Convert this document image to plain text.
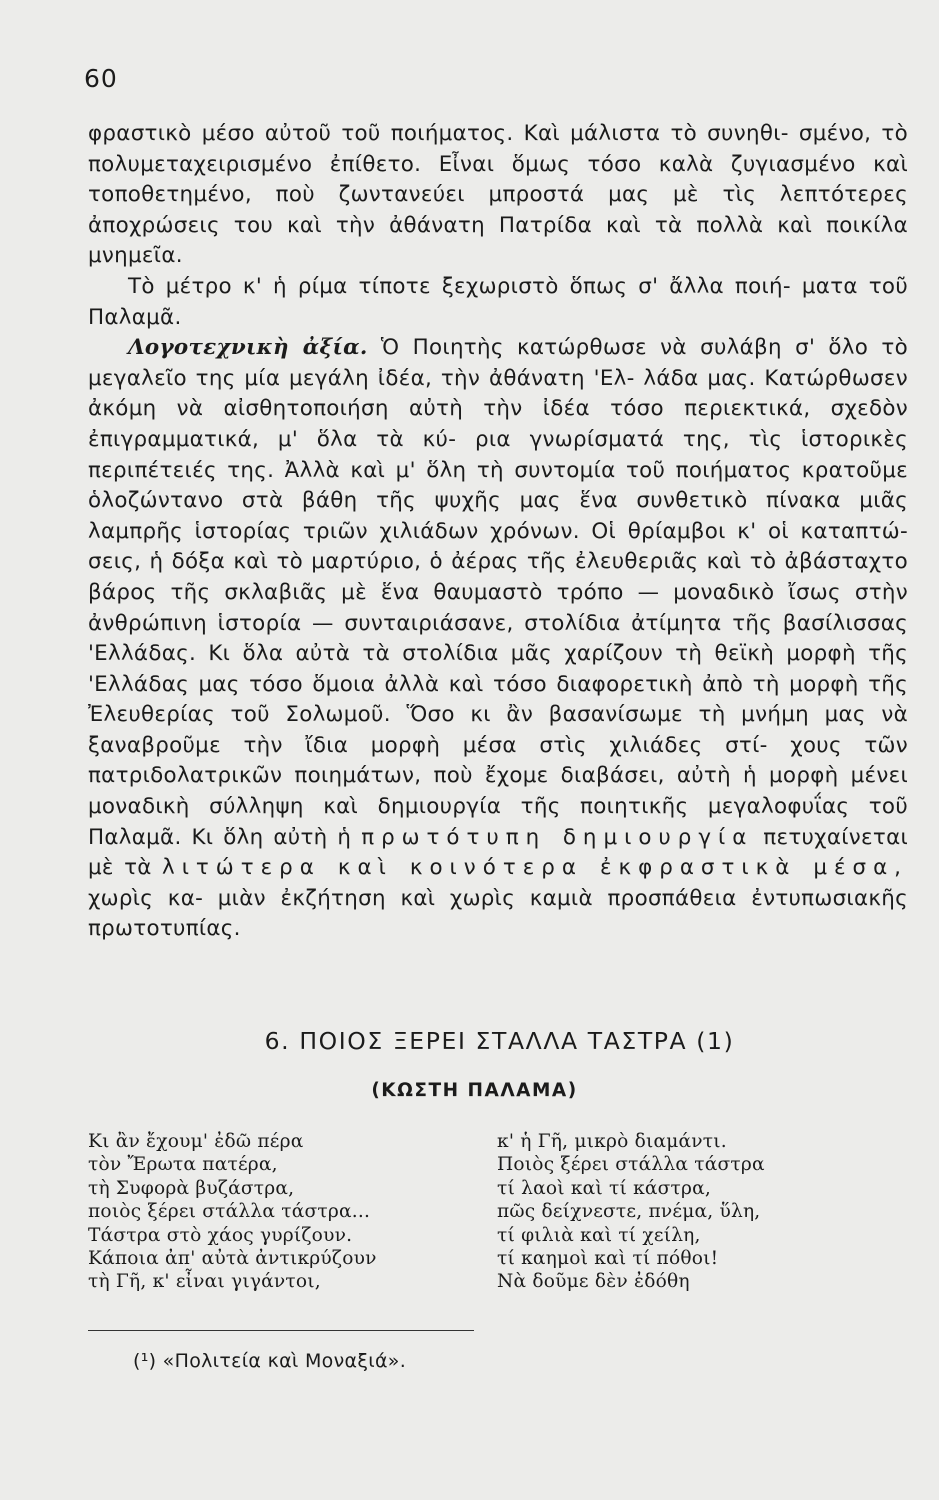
60

φραστικὸ μέσο αὐτοῦ τοῦ ποιήματος. Καὶ μάλιστα τὸ συνηθι- σμένο, τὸ πολυμεταχειρισμένο ἐπίθετο. Εἶναι ὅμως τόσο καλὰ ζυγιασμένο καὶ τοποθετημένο, ποὺ ζωντανεύει μπροστά μας μὲ τὶς λεπτότερες ἀποχρώσεις του καὶ τὴν ἀθάνατη Πατρίδα καὶ τὰ πολλὰ καὶ ποικίλα μνημεῖα.

Τὸ μέτρο κ' ἡ ρίμα τίποτε ξεχωριστὸ ὅπως σ' ἄλλα ποιή- ματα τοῦ Παλαμᾶ.

Λογοτεχνικὴ ἀξία. Ὁ Ποιητὴς κατώρθωσε νὰ συλάβη σ' ὅλο τὸ μεγαλεῖο της μία μεγάλη ἰδέα, τὴν ἀθάνατη 'Ελ- λάδα μας. Κατώρθωσεν ἀκόμη νὰ αἰσθητοποιήση αὐτὴ τὴν ἰδέα τόσο περιεκτικά, σχεδὸν ἐπιγραμματικά, μ' ὅλα τὰ κύ- ρια γνωρίσματά της, τὶς ἱστορικὲς περιπέτειές της. Ἀλλὰ καὶ μ' ὅλη τὴ συντομία τοῦ ποιήματος κρατοῦμε ὁλοζώντανο στὰ βάθη τῆς ψυχῆς μας ἕνα συνθετικὸ πίνακα μιᾶς λαμπρῆς ἱστορίας τριῶν χιλιάδων χρόνων. Οἱ θρίαμβοι κ' οἱ καταπτώ- σεις, ἡ δόξα καὶ τὸ μαρτύριο, ὁ ἀέρας τῆς ἐλευθεριᾶς καὶ τὸ ἀβάσταχτο βάρος τῆς σκλαβιᾶς μὲ ἕνα θαυμαστὸ τρόπο — μοναδικὸ ἴσως στὴν ἀνθρώπινη ἱστορία — συνταιριάσανε, στολίδια ἀτίμητα τῆς βασίλισσας 'Ελλάδας. Κι ὅλα αὐτὰ τὰ στολίδια μᾶς χαρίζουν τὴ θεϊκὴ μορφὴ τῆς 'Ελλάδας μας τόσο ὅμοια ἀλλὰ καὶ τόσο διαφορετικὴ ἀπὸ τὴ μορφὴ τῆς Ἐλευθερίας τοῦ Σολωμοῦ. Ὅσο κι ἂν βασανίσωμε τὴ μνήμη μας νὰ ξαναβροῦμε τὴν ἴδια μορφὴ μέσα στὶς χιλιάδες στί- χους τῶν πατριδολατρικῶν ποιημάτων, ποὺ ἔχομε διαβάσει, αὐτὴ ἡ μορφὴ μένει μοναδικὴ σύλληψη καὶ δημιουργία τῆς ποιητικῆς μεγαλοφυΐας τοῦ Παλαμᾶ. Κι ὅλη αὐτὴ ἡ πρωτότυπη δημιουργία πετυχαίνεται μὲ τὰ λιτώτερα καὶ κοινότερα ἐκφραστικὰ μέσα, χωρὶς κα- μιὰν ἐκζήτηση καὶ χωρὶς καμιὰ προσπάθεια ἐντυπωσιακῆς πρωτοτυπίας.

6. ΠΟΙΟΣ ΞΕΡΕΙ ΣΤΑΛΛΑ ΤΑΣΤΡΑ (1)
(ΚΩΣΤΗ ΠΑΛΑΜΑ)
Κι ἂν ἔχουμ' ἐδῶ πέρα
τὸν Ἔρωτα πατέρα,
τὴ Συφορὰ βυζάστρα,
ποιὸς ξέρει στάλλα τάστρα...
Τάστρα στὸ χάος γυρίζουν.
Κάποια ἀπ' αὐτὰ ἀντικρύζουν
τὴ Γῆ, κ' εἶναι γιγάντοι,
κ' ἡ Γῆ, μικρὸ διαμάντι.
Ποιὸς ξέρει στάλλα τάστρα
τί λαοὶ καὶ τί κάστρα,
πῶς δείχνεστε, πνέμα, ὕλη,
τί φιλιὰ καὶ τί χείλη,
τί καημοὶ καὶ τί πόθοι!
Νὰ δοῦμε δὲν ἐδόθη
(¹) «Πολιτεία καὶ Μοναξιά».
